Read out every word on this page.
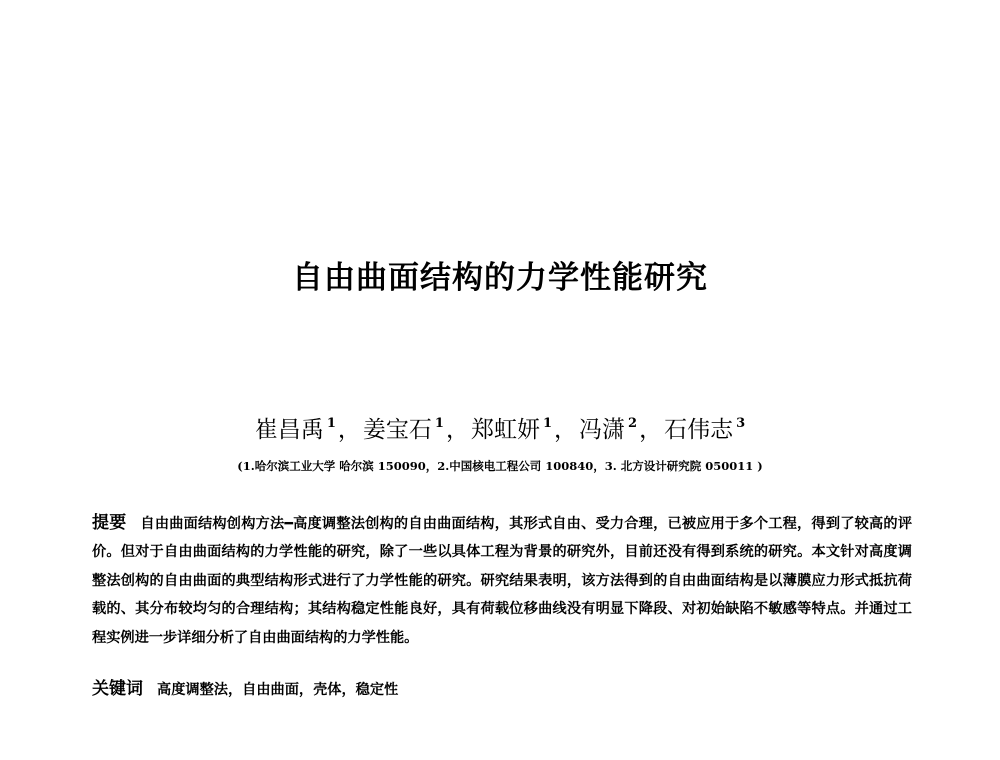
自由曲面结构的力学性能研究
崔昌禹 $^1$，姜宝石 $^1$，郑虹妍 $^1$，冯潇 $^2$，石伟志 $^3$
(1.哈尔滨工业大学 哈尔滨 150090，2.中国核电工程公司 100840，3. 北方设计研究院 050011 )
提要 自由曲面结构创构方法━高度调整法创构的自由曲面结构，其形式自由、受力合理，已被应用于多个工程，得到了较高的评价。但对于自由曲面结构的力学性能的研究，除了一些以具体工程为背景的研究外，目前还没有得到系统的研究。本文针对高度调整法创构的自由曲面的典型结构形式进行了力学性能的研究。研究结果表明，该方法得到的自由曲面结构是以薄膜应力形式抵抗荷载的、其分布较均匀的合理结构；其结构稳定性能良好，具有荷载位移曲线没有明显下降段、对初始缺陷不敏感等特点。并通过工程实例进一步详细分析了自由曲面结构的力学性能。
关键词 高度调整法，自由曲面，壳体，稳定性
